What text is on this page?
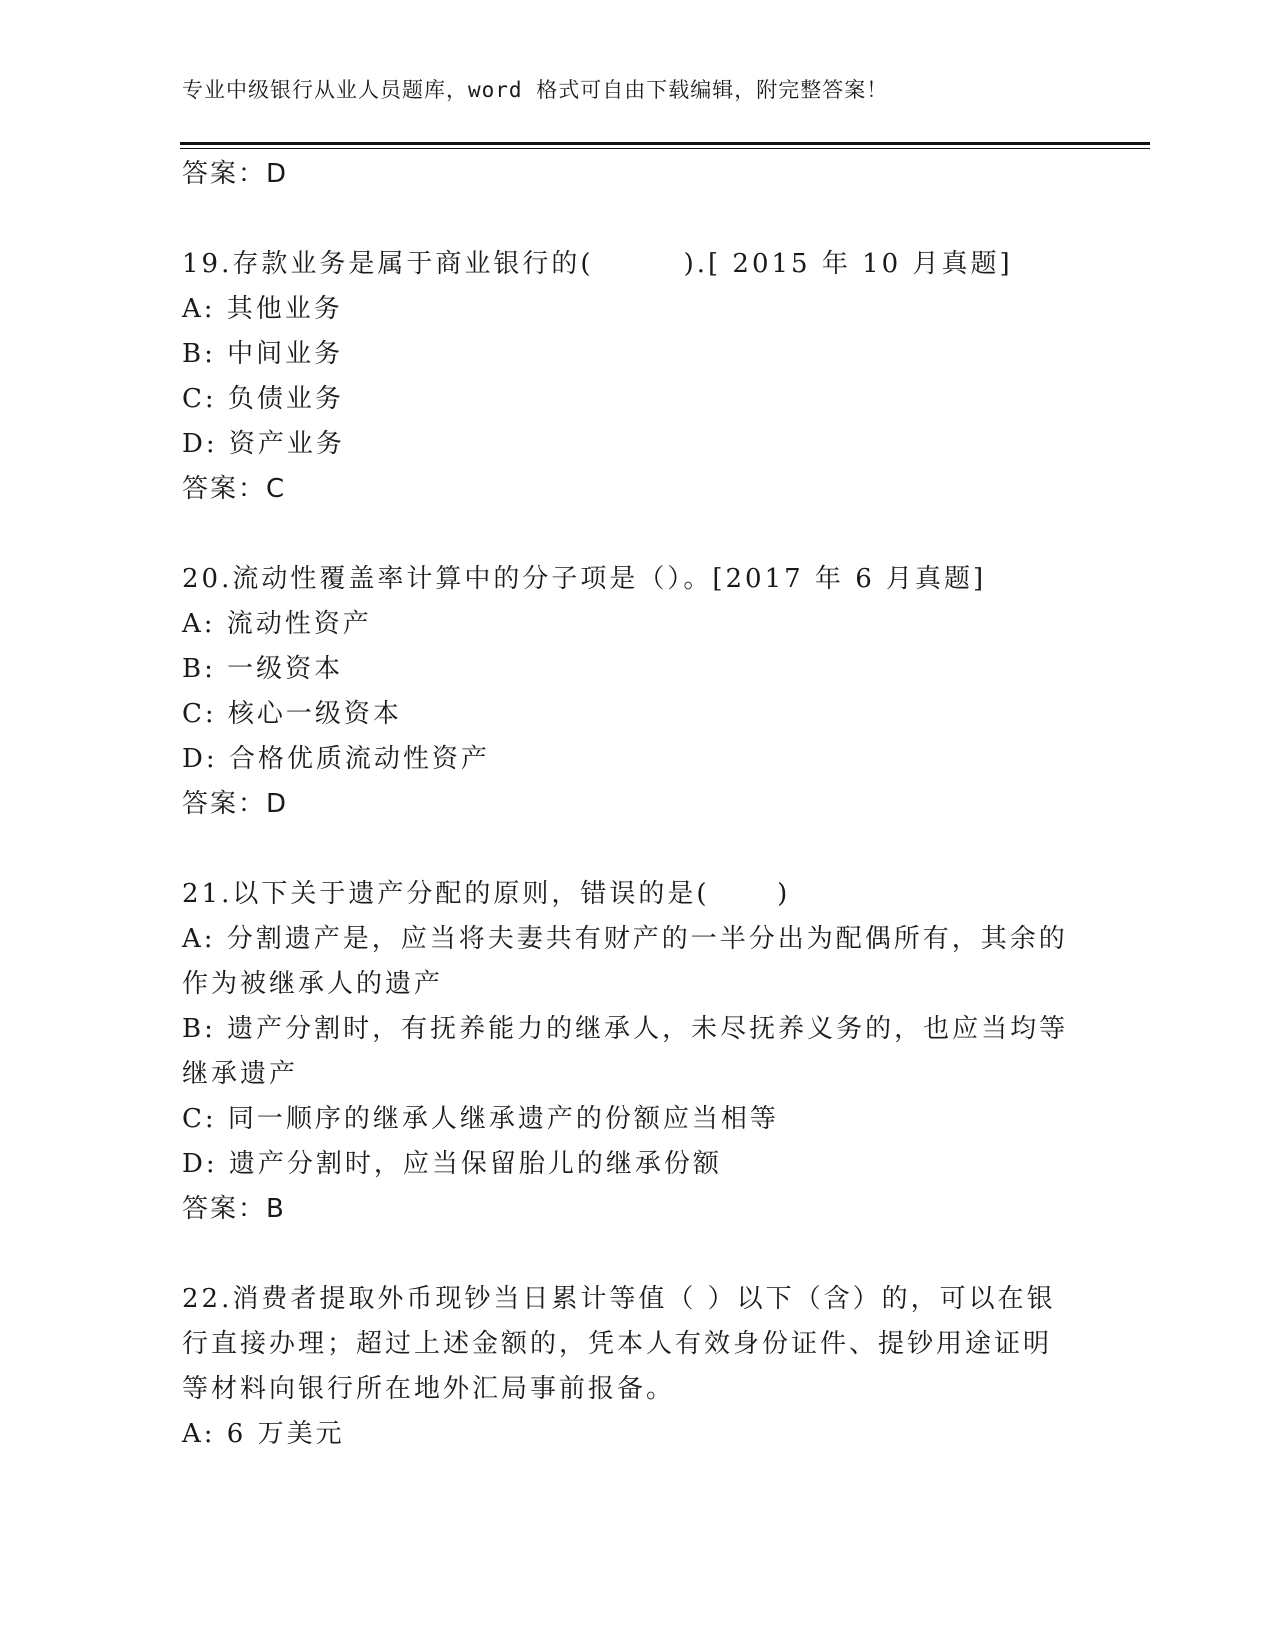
专业中级银行从业人员题库，word 格式可自由下载编辑，附完整答案！
答案：D
19.存款业务是属于商业银行的(        ).[ 2015 年 10 月真题]
A: 其他业务
B: 中间业务
C: 负债业务
D: 资产业务
答案：C
20.流动性覆盖率计算中的分子项是（）。[2017 年 6 月真题]
A: 流动性资产
B: 一级资本
C: 核心一级资本
D: 合格优质流动性资产
答案：D
21.以下关于遗产分配的原则，错误的是(      )
A: 分割遗产是，应当将夫妻共有财产的一半分出为配偶所有，其余的
作为被继承人的遗产
B: 遗产分割时，有抚养能力的继承人，未尽抚养义务的，也应当均等
继承遗产
C: 同一顺序的继承人继承遗产的份额应当相等
D: 遗产分割时，应当保留胎儿的继承份额
答案：B
22.消费者提取外币现钞当日累计等值（ ）以下（含）的，可以在银
行直接办理；超过上述金额的，凭本人有效身份证件、提钞用途证明
等材料向银行所在地外汇局事前报备。
A: 6 万美元
